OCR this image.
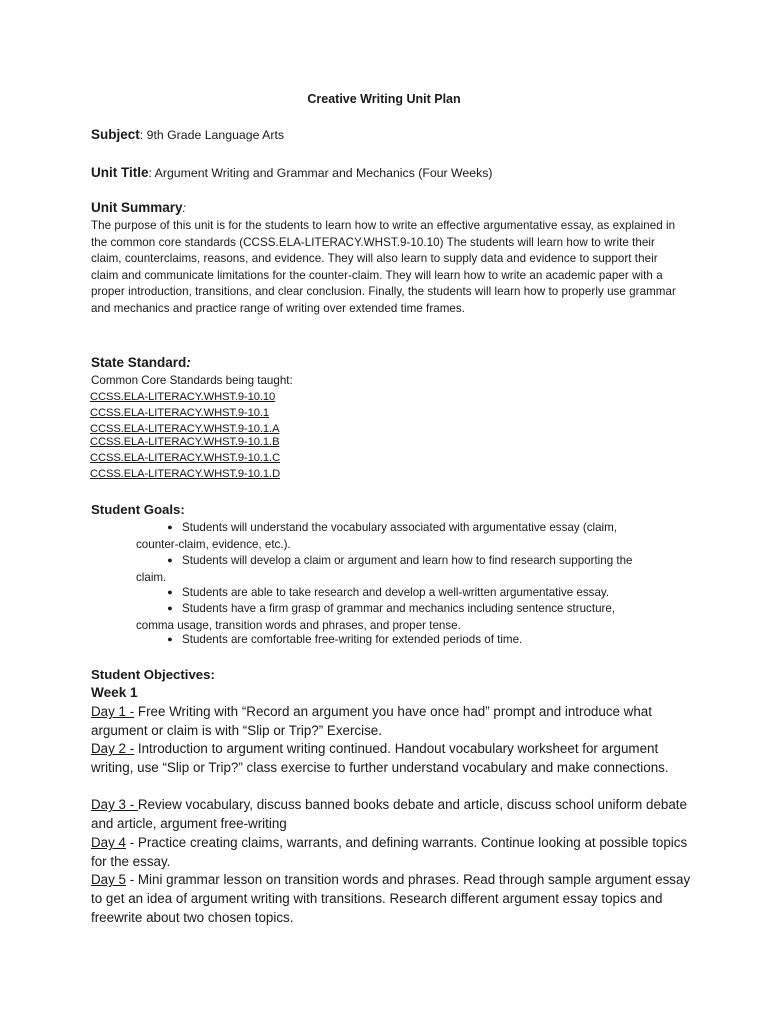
Creative Writing Unit Plan
Subject: 9th Grade Language Arts
Unit Title: Argument Writing and Grammar and Mechanics (Four Weeks)
Unit Summary:
The purpose of this unit is for the students to learn how to write an effective argumentative essay, as explained in the common core standards (CCSS.ELA-LITERACY.WHST.9-10.10) The students will learn how to write their claim, counterclaims, reasons, and evidence. They will also learn to supply data and evidence to support their claim and communicate limitations for the counter-claim. They will learn how to write an academic paper with a proper introduction, transitions, and clear conclusion. Finally, the students will learn how to properly use grammar and mechanics and practice range of writing over extended time frames.
State Standard:
Common Core Standards being taught:
CCSS.ELA-LITERACY.WHST.9-10.10
CCSS.ELA-LITERACY.WHST.9-10.1
CCSS.ELA-LITERACY.WHST.9-10.1.A
CCSS.ELA-LITERACY.WHST.9-10.1.B
CCSS.ELA-LITERACY.WHST.9-10.1.C
CCSS.ELA-LITERACY.WHST.9-10.1.D
Student Goals:
● Students will understand the vocabulary associated with argumentative essay (claim,
counter-claim, evidence, etc.).
● Students will develop a claim or argument and learn how to find research supporting the
claim.
● Students are able to take research and develop a well-written argumentative essay.
● Students have a firm grasp of grammar and mechanics including sentence structure,
comma usage, transition words and phrases, and proper tense.
● Students are comfortable free-writing for extended periods of time.
Student Objectives:
Week 1
Day 1 - Free Writing with “Record an argument you have once had” prompt and introduce what argument or claim is with “Slip or Trip?” Exercise.
Day 2 - Introduction to argument writing continued. Handout vocabulary worksheet for argument writing, use “Slip or Trip?” class exercise to further understand vocabulary and make connections.
Day 3 - Review vocabulary, discuss banned books debate and article, discuss school uniform debate and article, argument free-writing
Day 4 - Practice creating claims, warrants, and defining warrants. Continue looking at possible topics for the essay.
Day 5 - Mini grammar lesson on transition words and phrases. Read through sample argument essay to get an idea of argument writing with transitions. Research different argument essay topics and freewrite about two chosen topics.
